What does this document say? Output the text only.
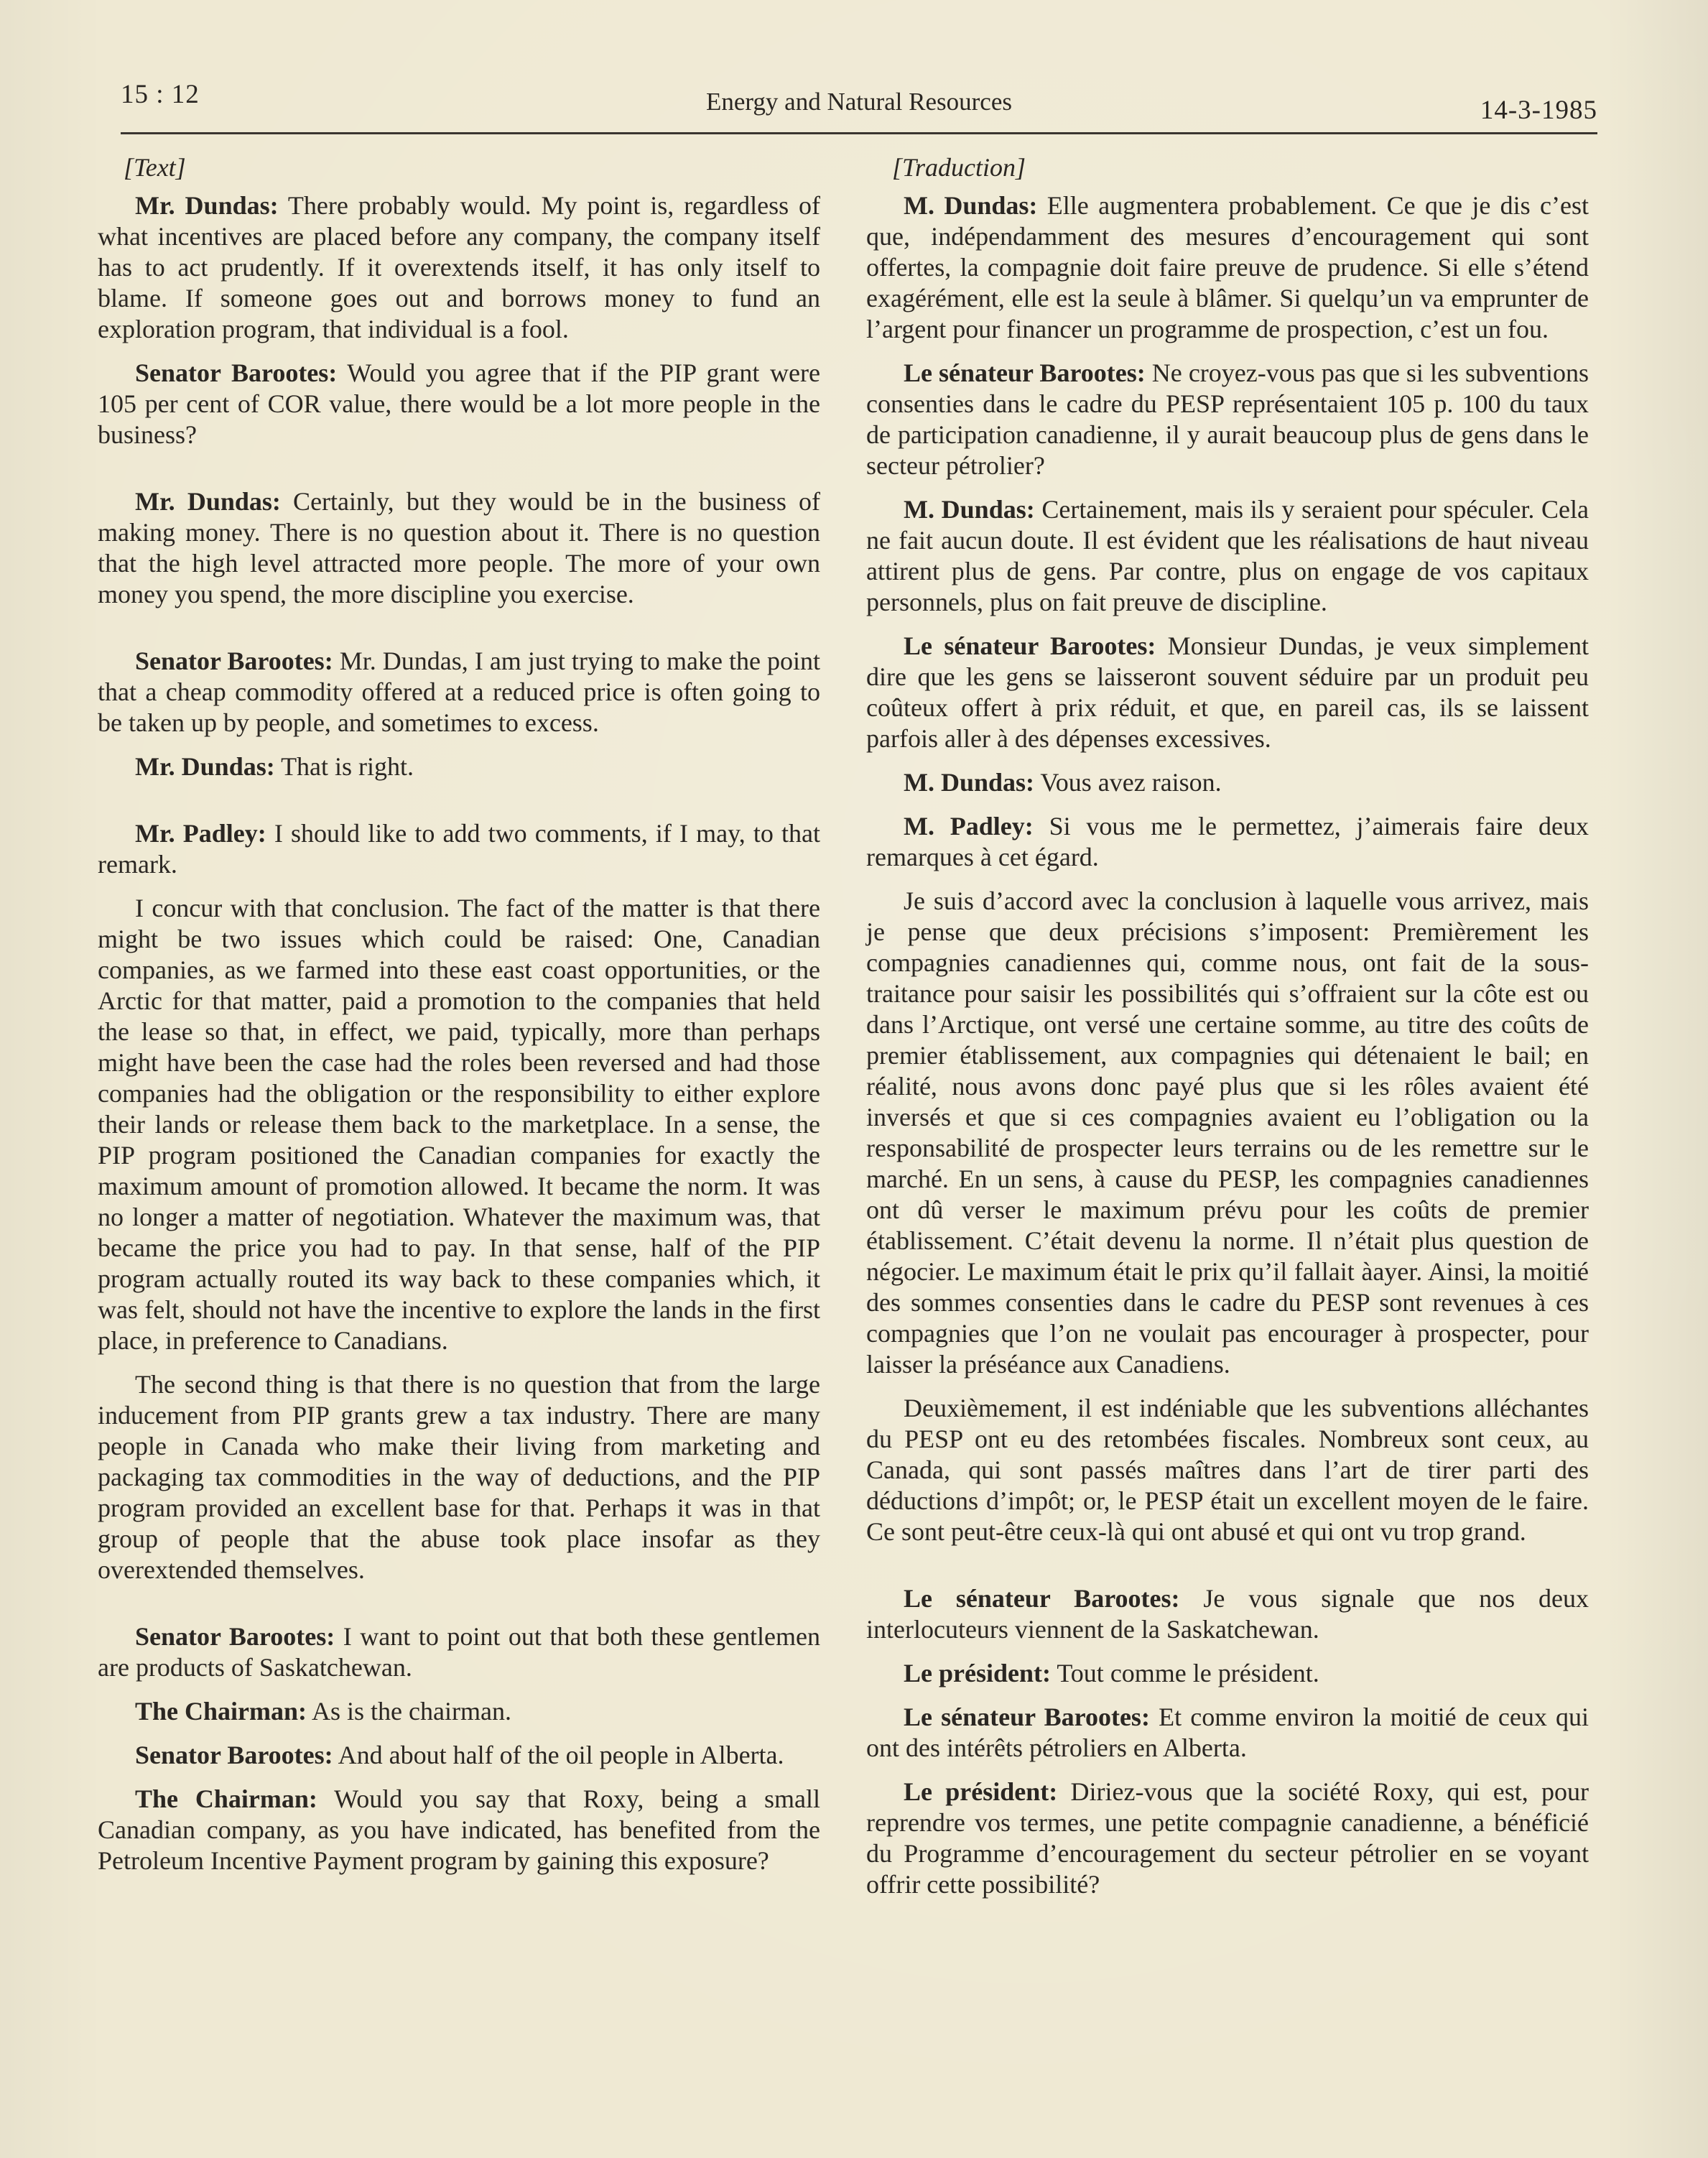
15 : 12	Energy and Natural Resources	14-3-1985
[Text]

Mr. Dundas: There probably would. My point is, regardless of what incentives are placed before any company, the company itself has to act prudently. If it overextends itself, it has only itself to blame. If someone goes out and borrows money to fund an exploration program, that individual is a fool.

Senator Barootes: Would you agree that if the PIP grant were 105 per cent of COR value, there would be a lot more people in the business?

Mr. Dundas: Certainly, but they would be in the business of making money. There is no question about it. There is no question that the high level attracted more people. The more of your own money you spend, the more discipline you exercise.

Senator Barootes: Mr. Dundas, I am just trying to make the point that a cheap commodity offered at a reduced price is often going to be taken up by people, and sometimes to excess.

Mr. Dundas: That is right.

Mr. Padley: I should like to add two comments, if I may, to that remark.

I concur with that conclusion. The fact of the matter is that there might be two issues which could be raised: One, Canadian companies, as we farmed into these east coast opportunities, or the Arctic for that matter, paid a promotion to the companies that held the lease so that, in effect, we paid, typically, more than perhaps might have been the case had the roles been reversed and had those companies had the obligation or the responsibility to either explore their lands or release them back to the marketplace. In a sense, the PIP program positioned the Canadian companies for exactly the maximum amount of promotion allowed. It became the norm. It was no longer a matter of negotiation. Whatever the maximum was, that became the price you had to pay. In that sense, half of the PIP program actually routed its way back to these companies which, it was felt, should not have the incentive to explore the lands in the first place, in preference to Canadians.

The second thing is that there is no question that from the large inducement from PIP grants grew a tax industry. There are many people in Canada who make their living from marketing and packaging tax commodities in the way of deductions, and the PIP program provided an excellent base for that. Perhaps it was in that group of people that the abuse took place insofar as they overextended themselves.

Senator Barootes: I want to point out that both these gentlemen are products of Saskatchewan.

The Chairman: As is the chairman.

Senator Barootes: And about half of the oil people in Alberta.

The Chairman: Would you say that Roxy, being a small Canadian company, as you have indicated, has benefited from the Petroleum Incentive Payment program by gaining this exposure?

[Traduction]

M. Dundas: Elle augmentera probablement. Ce que je dis c’est que, indépendamment des mesures d’encouragement qui sont offertes, la compagnie doit faire preuve de prudence. Si elle s’étend exagérément, elle est la seule à blâmer. Si quelqu’un va emprunter de l’argent pour financer un programme de prospection, c’est un fou.

Le sénateur Barootes: Ne croyez-vous pas que si les subventions consenties dans le cadre du PESP représentaient 105 p. 100 du taux de participation canadienne, il y aurait beaucoup plus de gens dans le secteur pétrolier?

M. Dundas: Certainement, mais ils y seraient pour spéculer. Cela ne fait aucun doute. Il est évident que les réalisations de haut niveau attirent plus de gens. Par contre, plus on engage de vos capitaux personnels, plus on fait preuve de discipline.

Le sénateur Barootes: Monsieur Dundas, je veux simplement dire que les gens se laisseront souvent séduire par un produit peu coûteux offert à prix réduit, et que, en pareil cas, ils se laissent parfois aller à des dépenses excessives.

M. Dundas: Vous avez raison.

M. Padley: Si vous me le permettez, j’aimerais faire deux remarques à cet égard.

Je suis d’accord avec la conclusion à laquelle vous arrivez, mais je pense que deux précisions s’imposent: Premièrement les compagnies canadiennes qui, comme nous, ont fait de la sous-traitance pour saisir les possibilités qui s’offraient sur la côte est ou dans l’Arctique, ont versé une certaine somme, au titre des coûts de premier établissement, aux compagnies qui détenaient le bail; en réalité, nous avons donc payé plus que si les rôles avaient été inversés et que si ces compagnies avaient eu l’obligation ou la responsabilité de prospecter leurs terrains ou de les remettre sur le marché. En un sens, à cause du PESP, les compagnies canadiennes ont dû verser le maximum prévu pour les coûts de premier établissement. C’était devenu la norme. Il n’était plus question de négocier. Le maximum était le prix qu’il fallait àayer. Ainsi, la moitié des sommes consenties dans le cadre du PESP sont revenues à ces compagnies que l’on ne voulait pas encourager à prospecter, pour laisser la préséance aux Canadiens.

Deuxièmement, il est indéniable que les subventions alléchantes du PESP ont eu des retombées fiscales. Nombreux sont ceux, au Canada, qui sont passés maîtres dans l’art de tirer parti des déductions d’impôt; or, le PESP était un excellent moyen de le faire. Ce sont peut-être ceux-là qui ont abusé et qui ont vu trop grand.

Le sénateur Barootes: Je vous signale que nos deux interlocuteurs viennent de la Saskatchewan.

Le président: Tout comme le président.

Le sénateur Barootes: Et comme environ la moitié de ceux qui ont des intérêts pétroliers en Alberta.

Le président: Diriez-vous que la société Roxy, qui est, pour reprendre vos termes, une petite compagnie canadienne, a bénéficié du Programme d’encouragement du secteur pétrolier en se voyant offrir cette possibilité?
